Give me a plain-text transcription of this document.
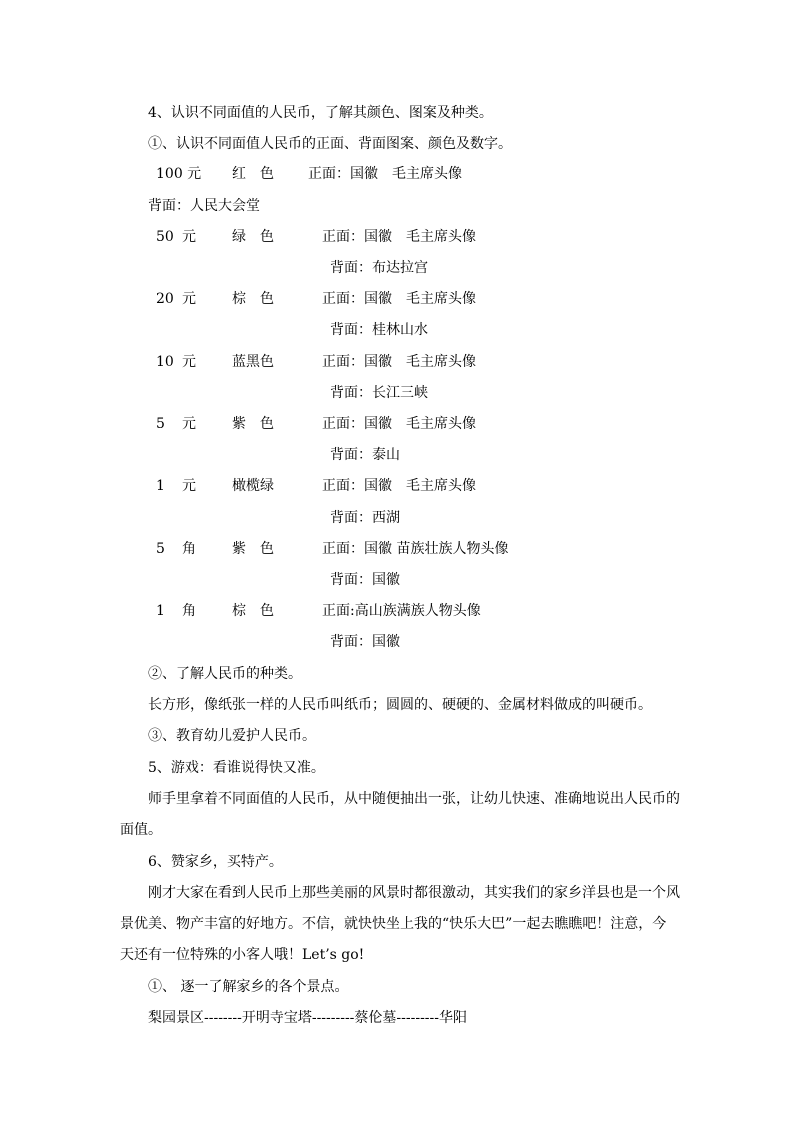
4、认识不同面值的人民币，了解其颜色、图案及种类。
①、认识不同面值人民币的正面、背面图案、颜色及数字。
100 元 红　色 正面：国徽　毛主席头像
背面：人民大会堂
50 元	绿　色	正面：国徽　毛主席头像
背面：布达拉宫
20 元	棕　色	正面：国徽　毛主席头像
背面：桂林山水
10 元	蓝黑色	正面：国徽　毛主席头像
背面：长江三峡
5 元	紫　色	正面：国徽　毛主席头像
背面：泰山
1 元	橄榄绿	正面：国徽　毛主席头像
背面：西湖
5 角	紫　色	正面：国徽 苗族壮族人物头像
背面：国徽
1 角	棕　色	正面:高山族满族人物头像
背面：国徽
②、了解人民币的种类。
长方形，像纸张一样的人民币叫纸币；圆圆的、硬硬的、金属材料做成的叫硬币。
③、教育幼儿爱护人民币。
5、游戏：看谁说得快又准。
师手里拿着不同面值的人民币，从中随便抽出一张，让幼儿快速、准确地说出人民币的
面值。
6、赞家乡，买特产。
刚才大家在看到人民币上那些美丽的风景时都很激动，其实我们的家乡洋县也是一个风
景优美、物产丰富的好地方。不信，就快快坐上我的“快乐大巴”一起去瞧瞧吧！注意，今
天还有一位特殊的小客人哦！Let’s go!
①、 逐一了解家乡的各个景点。
梨园景区--------开明寺宝塔---------蔡伦墓---------华阳
